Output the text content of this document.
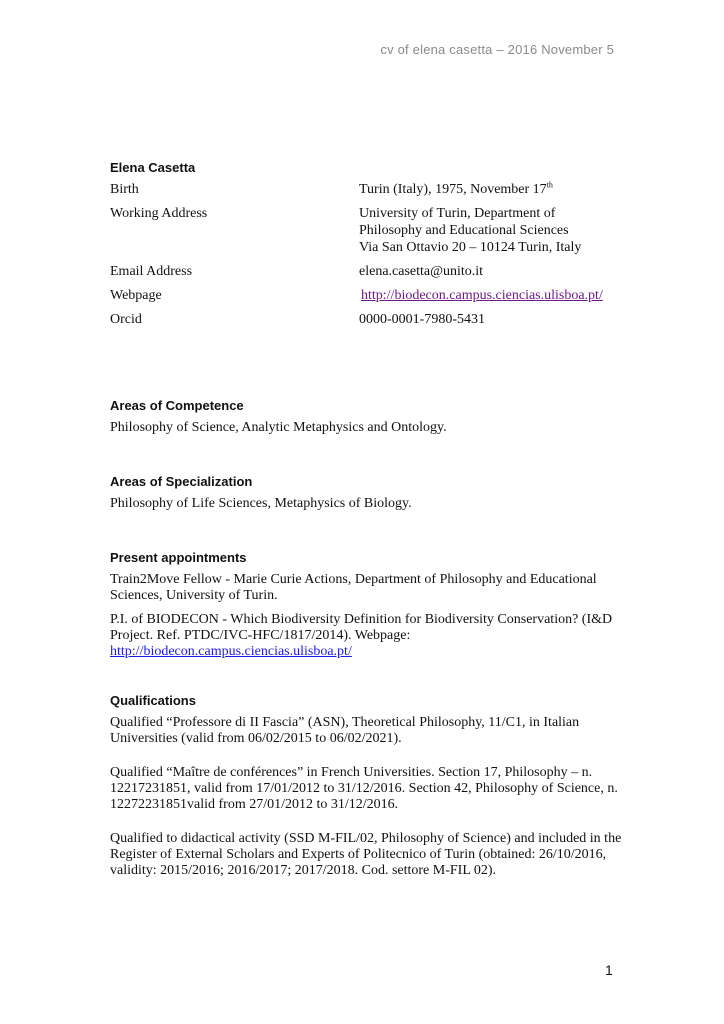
cv of elena casetta – 2016 November 5
Elena Casetta
Birth	Turin (Italy), 1975, November 17th
Working Address	University of Turin, Department of
Philosophy and Educational Sciences
Via San Ottavio 20 – 10124 Turin, Italy
Email Address	elena.casetta@unito.it
Webpage	http://biodecon.campus.ciencias.ulisboa.pt/
Orcid	0000-0001-7980-5431
Areas of Competence
Philosophy of Science, Analytic Metaphysics and Ontology.
Areas of Specialization
Philosophy of Life Sciences, Metaphysics of Biology.
Present appointments
Train2Move Fellow - Marie Curie Actions, Department of Philosophy and Educational Sciences, University of Turin.
P.I. of BIODECON - Which Biodiversity Definition for Biodiversity Conservation? (I&D Project. Ref. PTDC/IVC-HFC/1817/2014). Webpage:
http://biodecon.campus.ciencias.ulisboa.pt/
Qualifications
Qualified “Professore di II Fascia” (ASN), Theoretical Philosophy, 11/C1, in Italian Universities (valid from 06/02/2015 to 06/02/2021).
Qualified “Maître de conférences” in French Universities. Section 17, Philosophy – n. 12217231851, valid from 17/01/2012 to 31/12/2016. Section 42, Philosophy of Science, n. 12272231851valid from 27/01/2012 to 31/12/2016.
Qualified to didactical activity (SSD M-FIL/02, Philosophy of Science) and included in the Register of External Scholars and Experts of Politecnico of Turin (obtained: 26/10/2016, validity: 2015/2016; 2016/2017; 2017/2018. Cod. settore M-FIL 02).
1
